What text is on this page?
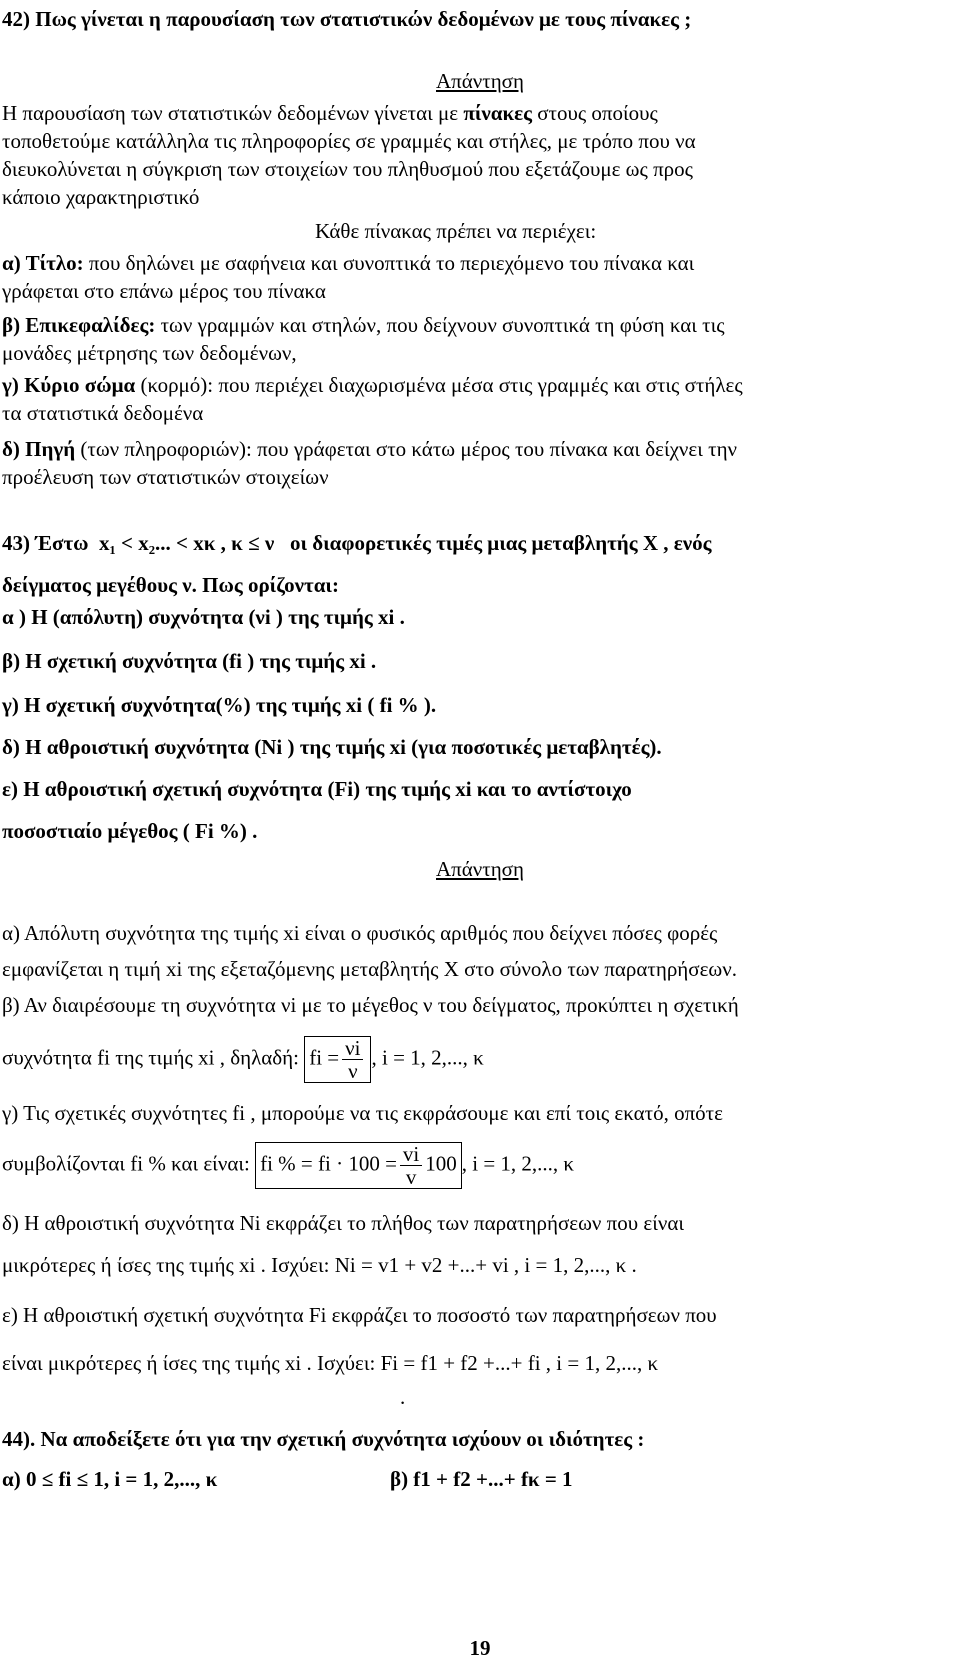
42) Πως γίνεται η παρουσίαση των στατιστικών δεδομένων με τους πίνακες ;
Απάντηση
Η παρουσίαση των στατιστικών δεδομένων γίνεται με πίνακες στους οποίους
τοποθετούμε κατάλληλα τις πληροφορίες σε γραμμές και στήλες, με τρόπο που να
διευκολύνεται η σύγκριση των στοιχείων του πληθυσμού που εξετάζουμε ως προς
κάποιο χαρακτηριστικό
Κάθε πίνακας πρέπει να περιέχει:
α) Τίτλο: που δηλώνει με σαφήνεια και συνοπτικά το περιεχόμενο του πίνακα και
γράφεται στο επάνω μέρος του πίνακα
β) Επικεφαλίδες: των γραμμών και στηλών, που δείχνουν συνοπτικά τη φύση και τις
μονάδες μέτρησης των δεδομένων,
γ) Κύριο σώμα (κορμό): που περιέχει διαχωρισμένα μέσα στις γραμμές και στις στήλες
τα στατιστικά δεδομένα
δ) Πηγή (των πληροφοριών): που γράφεται στο κάτω μέρος του πίνακα και δείχνει την
προέλευση των στατιστικών στοιχείων
43) Έστω x₁ < x₂... < xκ , κ ≤ ν οι διαφορετικές τιμές μιας μεταβλητής Χ , ενός
δείγματος μεγέθους ν. Πως ορίζονται:
α ) Η (απόλυτη) συχνότητα (νi ) της τιμής xi .
β) Η σχετική συχνότητα (fi ) της τιμής xi .
γ) Η σχετική συχνότητα(%) της τιμής xi ( fi % ).
δ) Η αθροιστική συχνότητα (Νi ) της τιμής xi (για ποσοτικές μεταβλητές).
ε) Η αθροιστική σχετική συχνότητα (Fi) της τιμής xi και το αντίστοιχο
ποσοστιαίο μέγεθος ( Fi %) .
Απάντηση
α) Απόλυτη συχνότητα της τιμής xi είναι ο φυσικός αριθμός που δείχνει πόσες φορές
εμφανίζεται η τιμή xi της εξεταζόμενης μεταβλητής X στο σύνολο των παρατηρήσεων.
β) Αν διαιρέσουμε τη συχνότητα νi με το μέγεθος ν του δείγματος, προκύπτει η σχετική
συχνότητα fi της τιμής xi , δηλαδή: fi = $\frac{\nu i}{\nu}$ , i = 1, 2,..., κ
γ) Τις σχετικές συχνότητες fi , μπορούμε να τις εκφράσουμε και επί τοις εκατό, οπότε
συμβολίζονται fi % και είναι: fi % = fi · $100 = \frac{vi}{v} 100$ , i = 1, 2,..., κ
δ) Η αθροιστική συχνότητα Ni εκφράζει το πλήθος των παρατηρήσεων που είναι
μικρότερες ή ίσες της τιμής xi . Ισχύει: Ni = v1 + v2 +...+ vi , i = 1, 2,..., κ .
ε) Η αθροιστική σχετική συχνότητα Fi εκφράζει το ποσοστό των παρατηρήσεων που
είναι μικρότερες ή ίσες της τιμής xi . Ισχύει: Fi = f1 + f2 +...+ fi , i = 1, 2,..., κ
.
44). Να αποδείξετε ότι για την σχετική συχνότητα ισχύουν οι ιδιότητες :
α) 0 ≤ fi ≤ 1, i = 1, 2,..., κ	β) f1 + f2 +...+ fκ = 1
19
